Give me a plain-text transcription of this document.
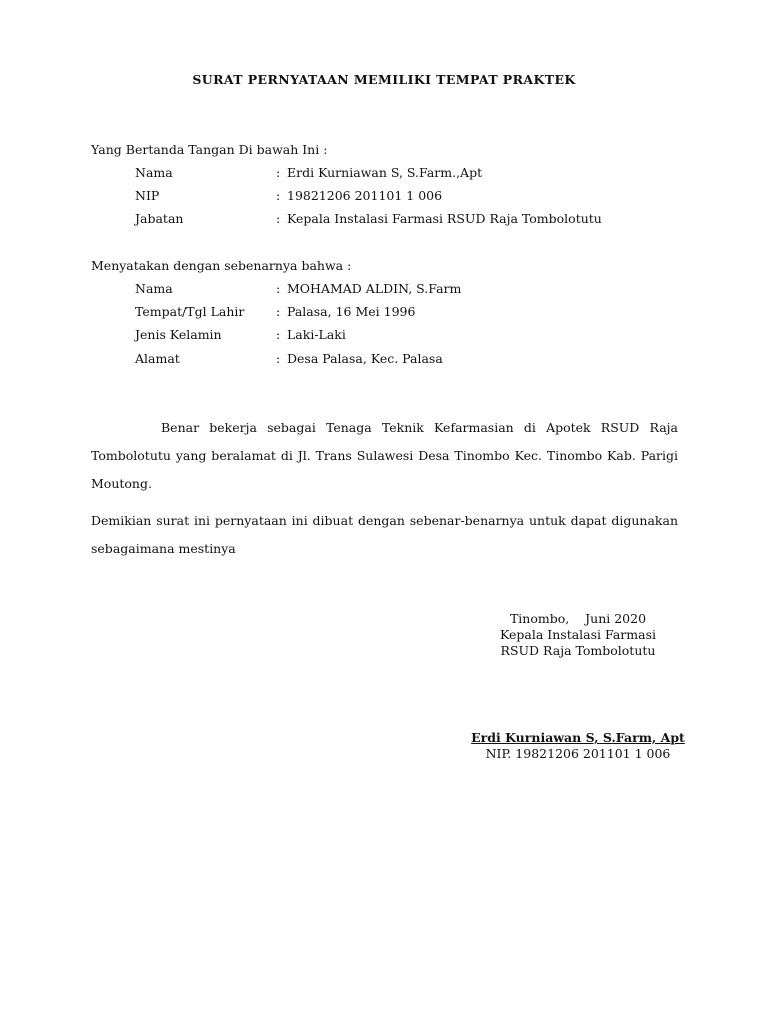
SURAT PERNYATAAN MEMILIKI TEMPAT PRAKTEK
Yang Bertanda Tangan Di bawah Ini :
Nama	: Erdi Kurniawan S, S.Farm.,Apt
NIP	: 19821206 201101 1 006
Jabatan	: Kepala Instalasi Farmasi RSUD Raja Tombolotutu
Menyatakan dengan sebenarnya bahwa :
Nama	: MOHAMAD ALDIN, S.Farm
Tempat/Tgl Lahir	: Palasa, 16 Mei 1996
Jenis Kelamin	: Laki-Laki
Alamat	: Desa Palasa, Kec. Palasa
Benar bekerja sebagai Tenaga Teknik Kefarmasian di Apotek RSUD Raja Tombolotutu yang beralamat di Jl. Trans Sulawesi Desa Tinombo Kec. Tinombo Kab. Parigi Moutong.
Demikian surat ini pernyataan ini dibuat dengan sebenar-benarnya untuk dapat digunakan sebagaimana mestinya
Tinombo,    Juni 2020
Kepala Instalasi Farmasi
RSUD Raja Tombolotutu
Erdi Kurniawan S, S.Farm, Apt
NIP. 19821206 201101 1 006
